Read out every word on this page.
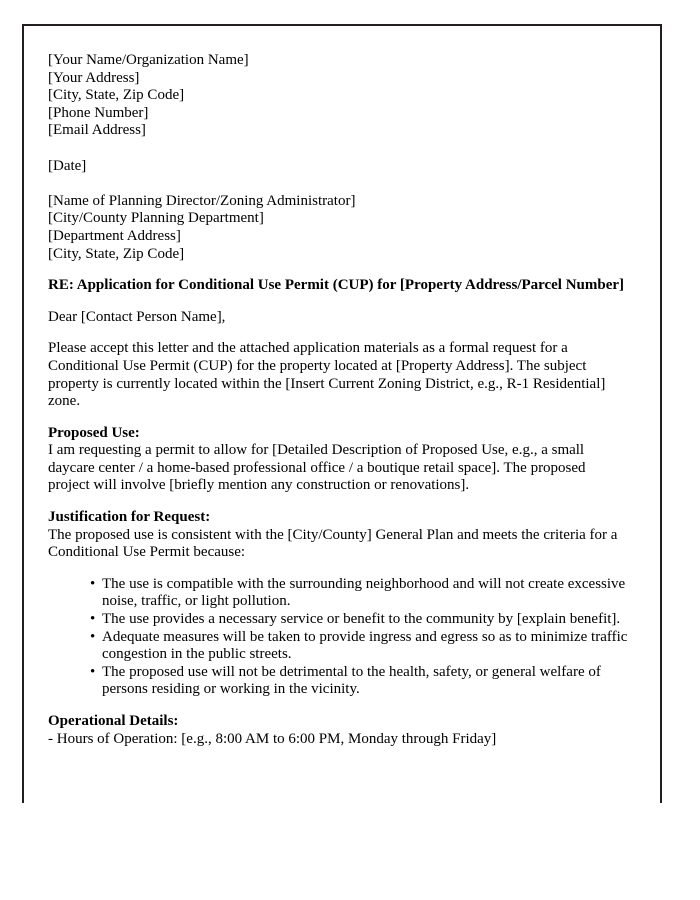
[Your Name/Organization Name]
[Your Address]
[City, State, Zip Code]
[Phone Number]
[Email Address]
[Date]
[Name of Planning Director/Zoning Administrator]
[City/County Planning Department]
[Department Address]
[City, State, Zip Code]
RE: Application for Conditional Use Permit (CUP) for [Property Address/Parcel Number]
Dear [Contact Person Name],
Please accept this letter and the attached application materials as a formal request for a Conditional Use Permit (CUP) for the property located at [Property Address]. The subject property is currently located within the [Insert Current Zoning District, e.g., R-1 Residential] zone.
Proposed Use:
I am requesting a permit to allow for [Detailed Description of Proposed Use, e.g., a small daycare center / a home-based professional office / a boutique retail space]. The proposed project will involve [briefly mention any construction or renovations].
Justification for Request:
The proposed use is consistent with the [City/County] General Plan and meets the criteria for a Conditional Use Permit because:
• The use is compatible with the surrounding neighborhood and will not create excessive noise, traffic, or light pollution.
• The use provides a necessary service or benefit to the community by [explain benefit].
• Adequate measures will be taken to provide ingress and egress so as to minimize traffic congestion in the public streets.
• The proposed use will not be detrimental to the health, safety, or general welfare of persons residing or working in the vicinity.
Operational Details:
- Hours of Operation: [e.g., 8:00 AM to 6:00 PM, Monday through Friday]
